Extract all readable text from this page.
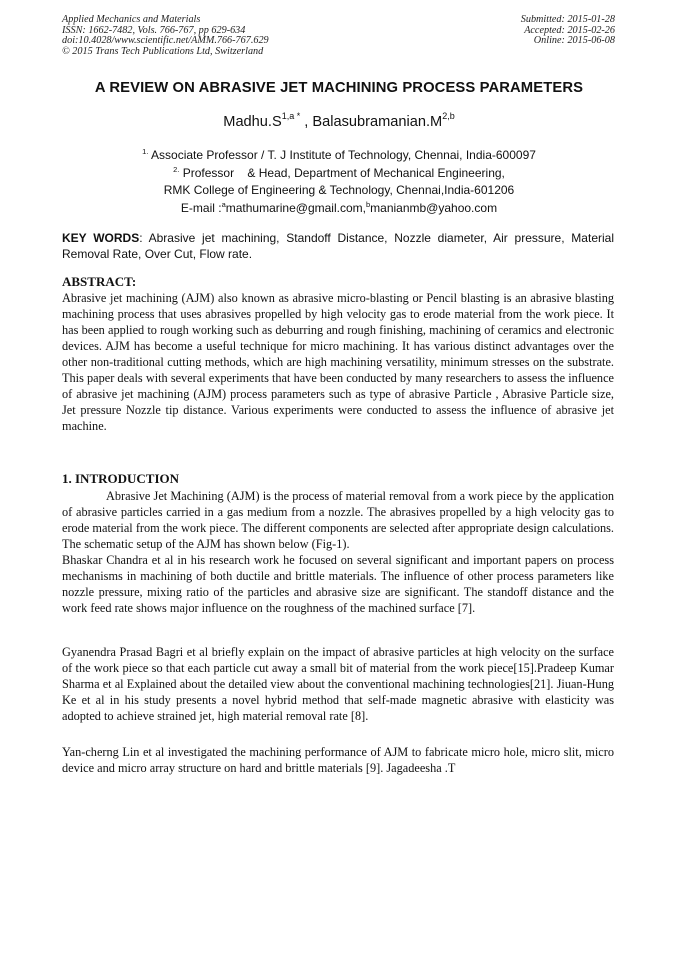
Applied Mechanics and Materials
ISSN: 1662-7482, Vols. 766-767, pp 629-634
doi:10.4028/www.scientific.net/AMM.766-767.629
© 2015 Trans Tech Publications Ltd, Switzerland
Submitted: 2015-01-28
Accepted: 2015-02-26
Online: 2015-06-08
A REVIEW ON ABRASIVE JET MACHINING PROCESS PARAMETERS
$Madhu.S^{1,a *}$ , $Balasubramanian.M^{2,b}$
$^{1.}$ Associate Professor / T. J Institute of Technology, Chennai, India-600097
$^{2.}$ Professor    & Head, Department of Mechanical Engineering,
RMK College of Engineering & Technology, Chennai,India-601206
E-mail :$^a$mathumarine@gmail.com,$^b$manianmb@yahoo.com
KEY WORDS: Abrasive jet machining, Standoff Distance, Nozzle diameter, Air pressure, Material Removal Rate, Over Cut, Flow rate.
ABSTRACT:
Abrasive jet machining (AJM) also known as abrasive micro-blasting or Pencil blasting is an abrasive blasting machining process that uses abrasives propelled by high velocity gas to erode material from the work piece. It has been applied to rough working such as deburring and rough finishing, machining of ceramics and electronic devices. AJM has become a useful technique for micro machining. It has various distinct advantages over the other non-traditional cutting methods, which are high machining versatility, minimum stresses on the substrate. This paper deals with several experiments that have been conducted by many researchers to assess the influence of abrasive jet machining (AJM) process parameters such as type of abrasive Particle , Abrasive Particle size, Jet pressure Nozzle tip distance. Various experiments were conducted to assess the influence of abrasive jet machine.
1. INTRODUCTION
Abrasive Jet Machining (AJM) is the process of material removal from a work piece by the application of abrasive particles carried in a gas medium from a nozzle. The abrasives propelled by a high velocity gas to erode material from the work piece. The different components are selected after appropriate design calculations. The schematic setup of the AJM has shown below (Fig-1).
Bhaskar Chandra et al in his research work he focused on several significant and important papers on process mechanisms in machining of both ductile and brittle materials. The influence of other process parameters like nozzle pressure, mixing ratio of the particles and abrasive size are significant. The standoff distance and the work feed rate shows major influence on the roughness of the machined surface [7].
Gyanendra Prasad Bagri et al briefly explain on the impact of abrasive particles at high velocity on the surface of the work piece so that each particle cut away a small bit of material from the work piece[15].Pradeep Kumar Sharma et al Explained about the detailed view about the conventional machining technologies[21]. Jiuan-Hung Ke et al in his study presents a novel hybrid method that self-made magnetic abrasive with elasticity was adopted to achieve strained jet, high material removal rate [8].
Yan-cherng Lin et al investigated the machining performance of AJM to fabricate micro hole, micro slit, micro device and micro array structure on hard and brittle materials [9]. Jagadeesha .T
